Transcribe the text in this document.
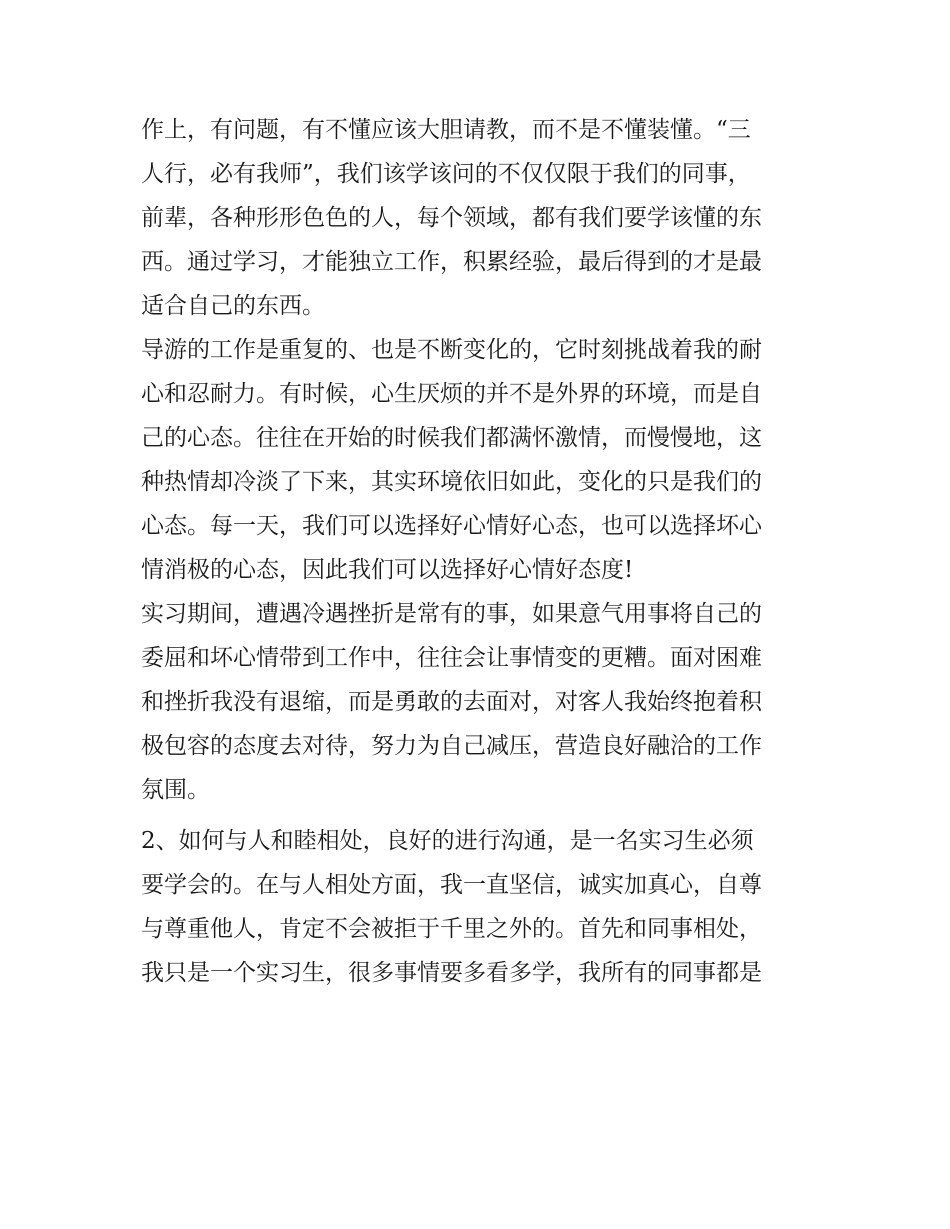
作上，有问题，有不懂应该大胆请教，而不是不懂装懂。“三
人行，必有我师”，我们该学该问的不仅仅限于我们的同事，
前辈，各种形形色色的人，每个领域，都有我们要学该懂的东
西。通过学习，才能独立工作，积累经验，最后得到的才是最
适合自己的东西。
导游的工作是重复的、也是不断变化的，它时刻挑战着我的耐
心和忍耐力。有时候，心生厌烦的并不是外界的环境，而是自
己的心态。往往在开始的时候我们都满怀激情，而慢慢地，这
种热情却冷淡了下来，其实环境依旧如此，变化的只是我们的
心态。每一天，我们可以选择好心情好心态，也可以选择坏心
情消极的心态，因此我们可以选择好心情好态度!
实习期间，遭遇冷遇挫折是常有的事，如果意气用事将自己的
委屈和坏心情带到工作中，往往会让事情变的更糟。面对困难
和挫折我没有退缩，而是勇敢的去面对，对客人我始终抱着积
极包容的态度去对待，努力为自己减压，营造良好融洽的工作
氛围。
2、如何与人和睦相处，良好的进行沟通，是一名实习生必须
要学会的。在与人相处方面，我一直坚信，诚实加真心，自尊
与尊重他人，肯定不会被拒于千里之外的。首先和同事相处，
我只是一个实习生，很多事情要多看多学，我所有的同事都是
